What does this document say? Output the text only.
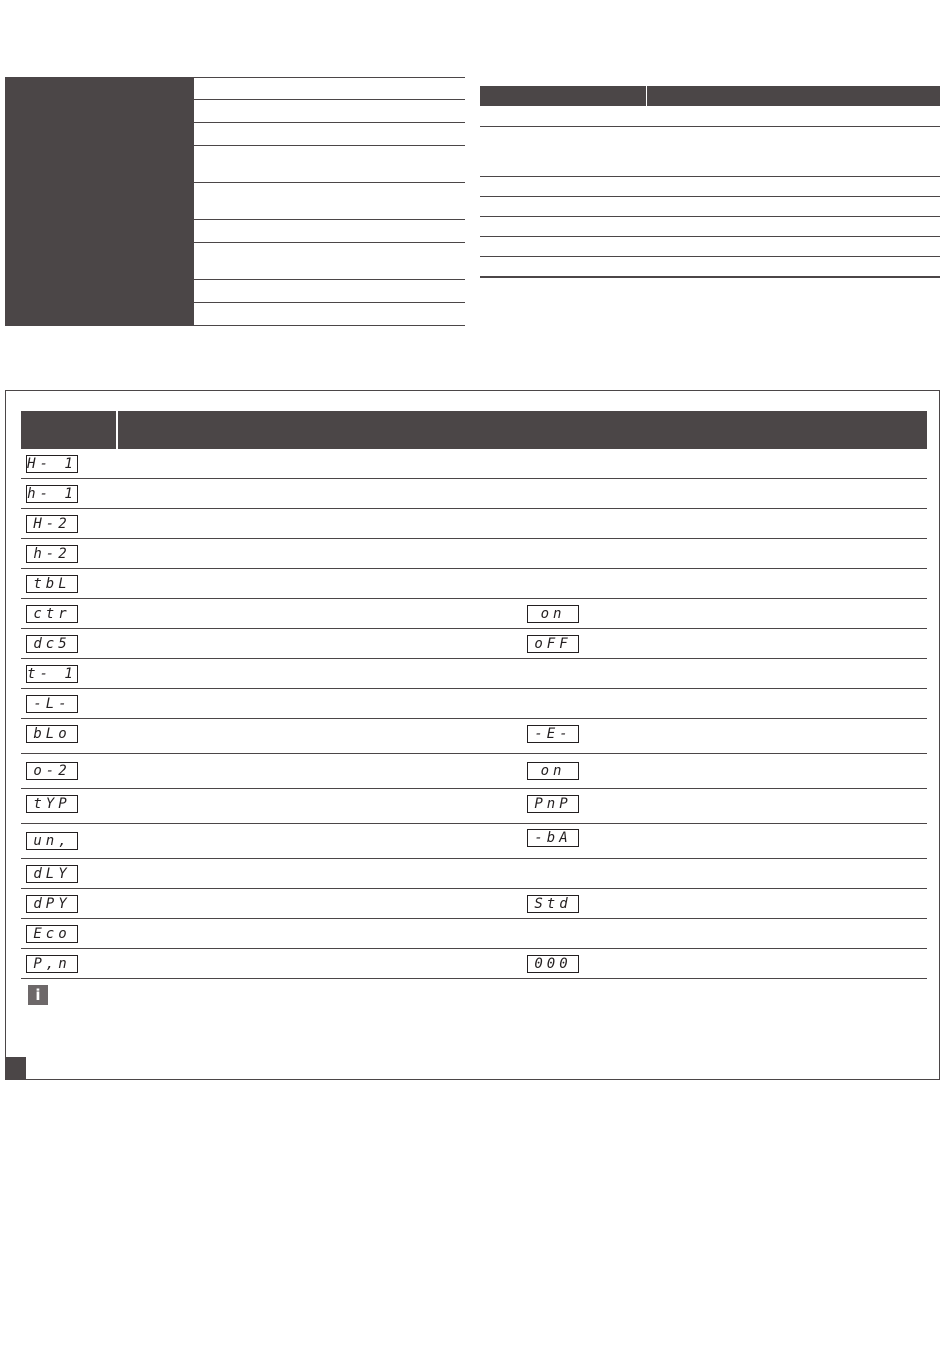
H- 1
h- 1
H-2
h-2
tbL
ctr	on
dc5	oFF
t- 1
-L-
bLo	-E-
o-2	on
tYP	PnP
un,	-bA
dLY
dPY	Std
Eco
P,n	000
i
